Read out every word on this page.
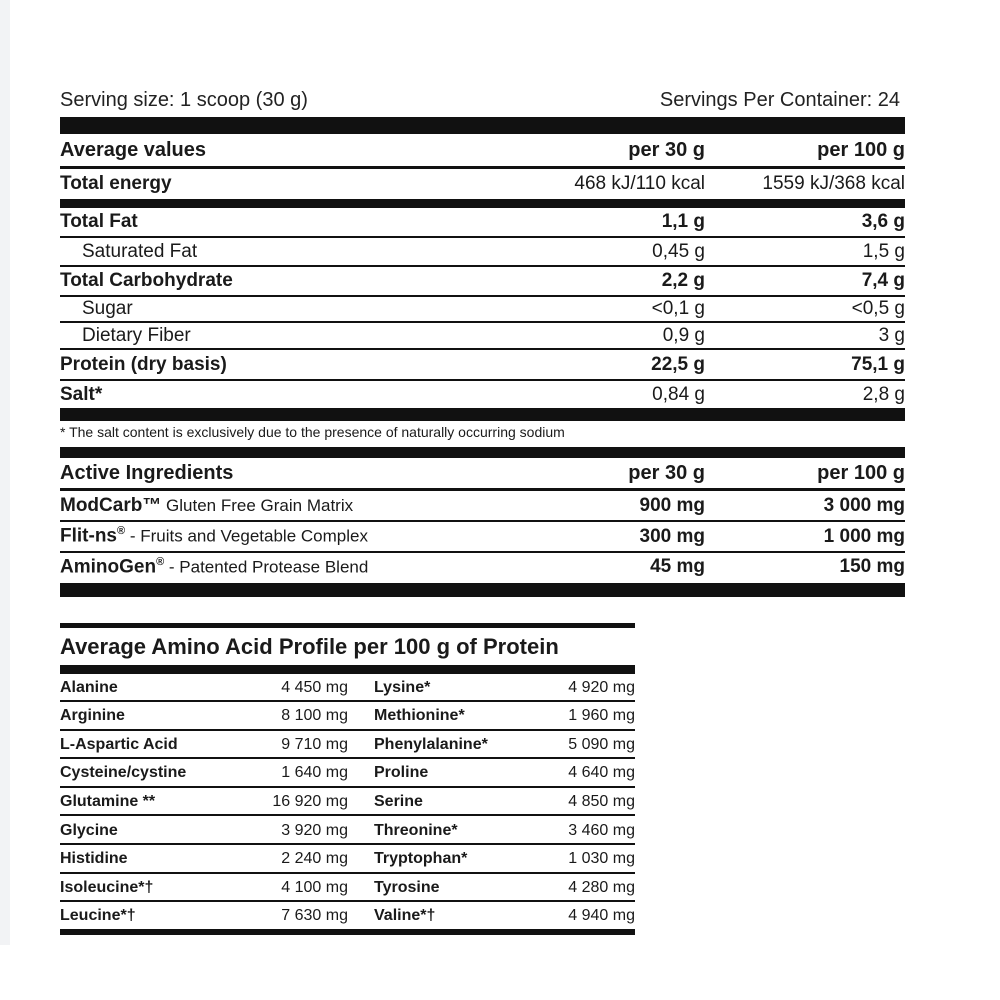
Serving size: 1 scoop (30 g)	Servings Per Container: 24
Average values	per 30 g	per 100 g
Total energy	468 kJ/110 kcal	1559 kJ/368 kcal
Total Fat	1,1 g	3,6 g
Saturated Fat	0,45 g	1,5 g
Total Carbohydrate	2,2 g	7,4 g
Sugar	<0,1 g	<0,5 g
Dietary Fiber	0,9 g	3 g
Protein (dry basis)	22,5 g	75,1 g
Salt*	0,84 g	2,8 g
* The salt content is exclusively due to the presence of naturally occurring sodium
Active Ingredients	per 30 g	per 100 g
ModCarb™ Gluten Free Grain Matrix	900 mg	3 000 mg
Flit-ns® - Fruits and Vegetable Complex	300 mg	1 000 mg
AminoGen® - Patented Protease Blend	45 mg	150 mg
Average Amino Acid Profile per 100 g of Protein
Alanine	4 450 mg	Lysine*	4 920 mg
Arginine	8 100 mg	Methionine*	1 960 mg
L-Aspartic Acid	9 710 mg	Phenylalanine*	5 090 mg
Cysteine/cystine	1 640 mg	Proline	4 640 mg
Glutamine **	16 920 mg	Serine	4 850 mg
Glycine	3 920 mg	Threonine*	3 460 mg
Histidine	2 240 mg	Tryptophan*	1 030 mg
Isoleucine*†	4 100 mg	Tyrosine	4 280 mg
Leucine*†	7 630 mg	Valine*†	4 940 mg
